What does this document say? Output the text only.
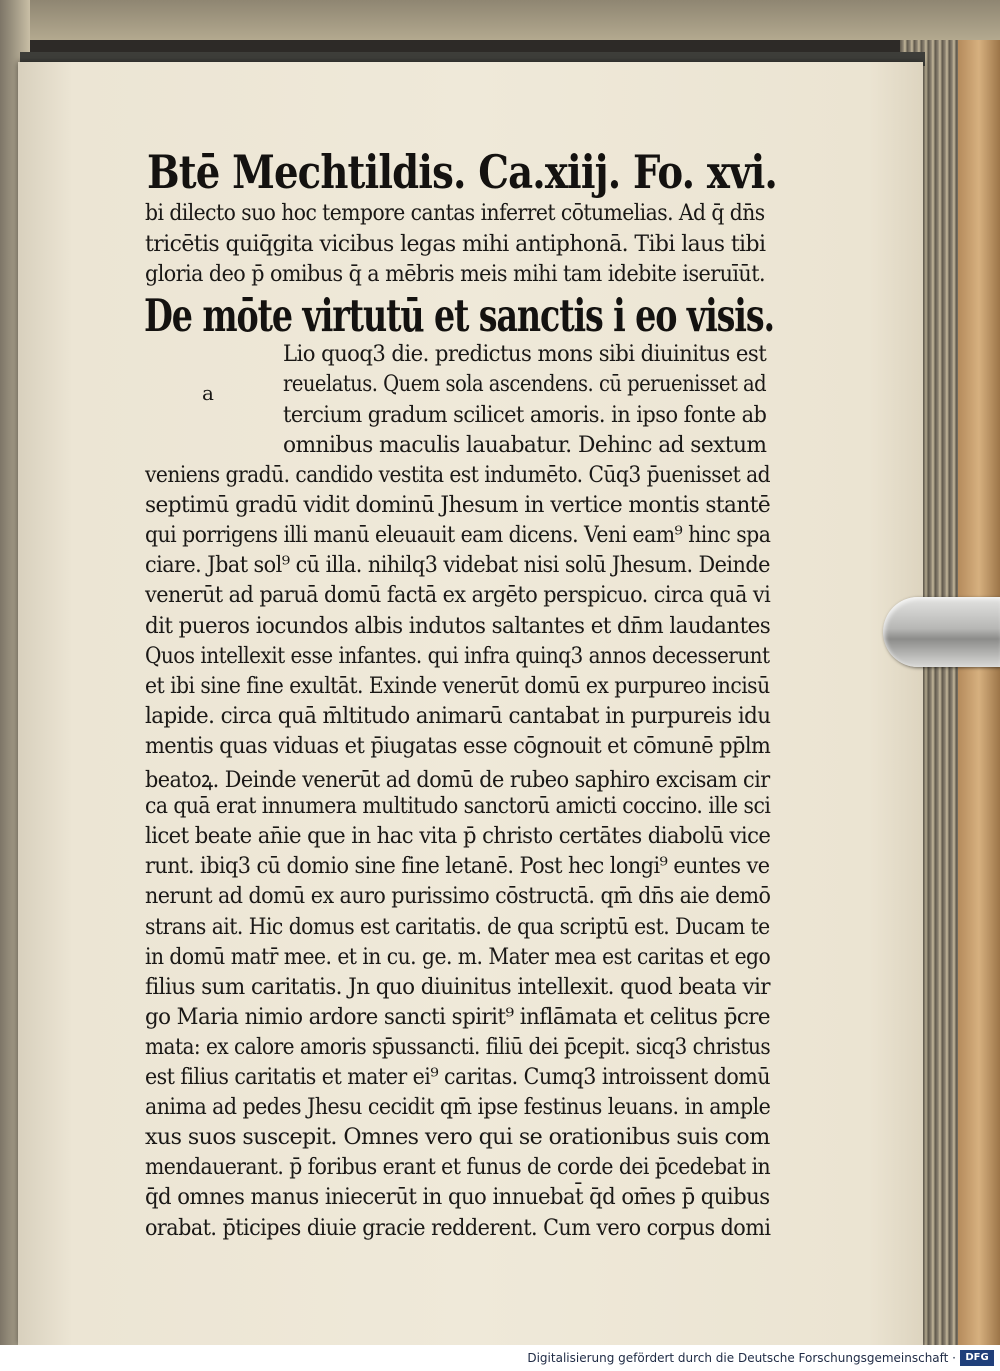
Btē Mechtildis. Ca.xiij. Fo. xvi.
bi dilecto suo hoc tempore cantas inferret cōtumelias. Ad q̄ dn̄s
tricētis quiq̄gita vicibus legas mihi antiphonā. Tibi laus tibi
gloria deo p̄ omibus q̄ a mēbris meis mihi tam idebite iseruīūt.
De mōte virtutū et sanctis i eo visis.
a
Lio quoq3 die. predictus mons sibi diuinitus est
reuelatus. Quem sola ascendens. cū peruenisset ad
tercium gradum scilicet amoris. in ipso fonte ab
omnibus maculis lauabatur. Dehinc ad sextum
veniens gradū. candido vestita est indumēto. Cūq3 p̄uenisset ad
septimū gradū vidit dominū Jhesum in vertice montis stantē
qui porrigens illi manū eleuauit eam dicens. Veni eam⁹ hinc spa
ciare. Jbat sol⁹ cū illa. nihilq3 videbat nisi solū Jhesum. Deinde
venerūt ad paruā domū factā ex argēto perspicuo. circa quā vi
dit pueros iocundos albis indutos saltantes et dn̄m laudantes
Quos intellexit esse infantes. qui infra quinq3 annos decesserunt
et ibi sine fine exultāt. Exinde venerūt domū ex purpureo incisū
lapide. circa quā m̄ltitudo animarū cantabat in purpureis idu
mentis quas viduas et p̄iugatas esse cōgnouit et cōmunē pp̄lm
beatoꝝ. Deinde venerūt ad domū de rubeo saphiro excisam cir
ca quā erat innumera multitudo sanctorū amicti coccino. ille sci
licet beate an̄ie que in hac vita p̄ christo certātes diabolū vice
runt. ibiq3 cū domio sine fine letanē. Post hec longi⁹ euntes ve
nerunt ad domū ex auro purissimo cōstructā. qm̄ dn̄s aie demō
strans ait. Hic domus est caritatis. de qua scriptū est. Ducam te
in domū matr̄ mee. et in cu. ge. m. Mater mea est caritas et ego
filius sum caritatis. Jn quo diuinitus intellexit. quod beata vir
go Maria nimio ardore sancti spirit⁹ inflāmata et celitus p̄cre
mata: ex calore amoris sp̄ussancti. filiū dei p̄cepit. sicq3 christus
est filius caritatis et mater ei⁹ caritas. Cumq3 introissent domū
anima ad pedes Jhesu cecidit qm̄ ipse festinus leuans. in ample
xus suos suscepit. Omnes vero qui se orationibus suis com
mendauerant. p̄ foribus erant et funus de corde dei p̄cedebat in
q̄d omnes manus iniecerūt in quo innuebat̄ q̄d om̄es p̄ quibus
orabat. p̄ticipes diuie gracie redderent. Cum vero corpus domi
Digitalisierung gefördert durch die Deutsche Forschungsgemeinschaft · DFG
